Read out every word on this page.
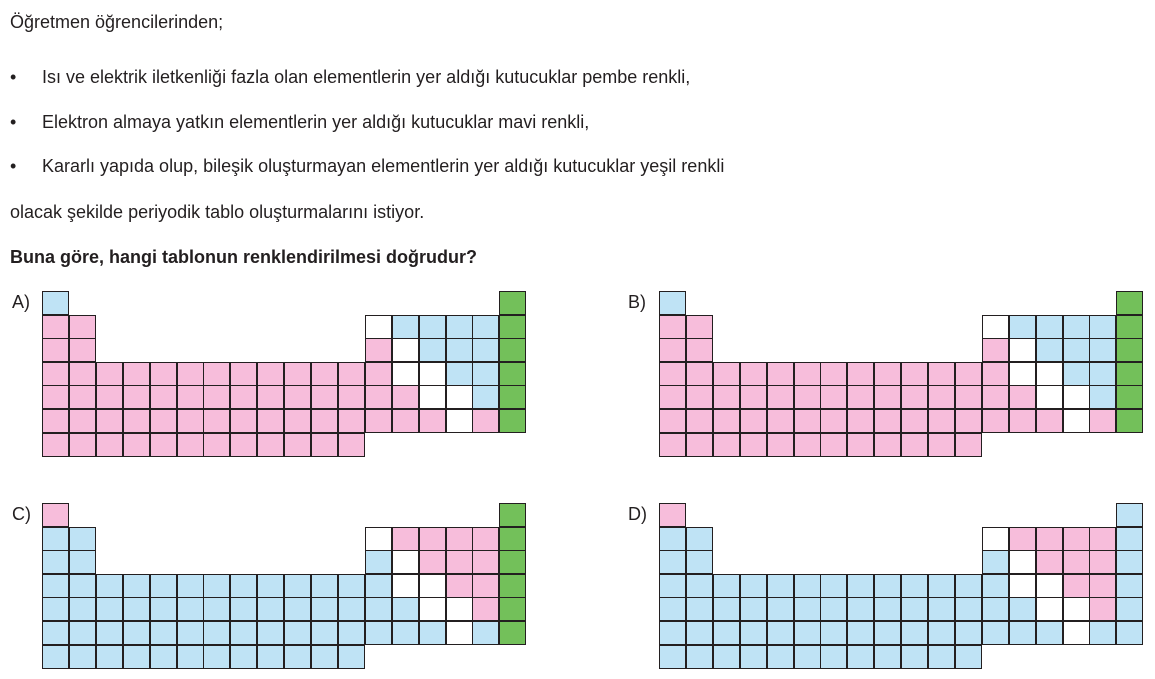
Öğretmen öğrencilerinden;
• Isı ve elektrik iletkenliği fazla olan elementlerin yer aldığı kutucuklar pembe renkli,
• Elektron almaya yatkın elementlerin yer aldığı kutucuklar mavi renkli,
• Kararlı yapıda olup, bileşik oluşturmayan elementlerin yer aldığı kutucuklar yeşil renkli
olacak şekilde periyodik tablo oluşturmalarını istiyor.
Buna göre, hangi tablonun renklendirilmesi doğrudur?
A)	B)
C)	D)
